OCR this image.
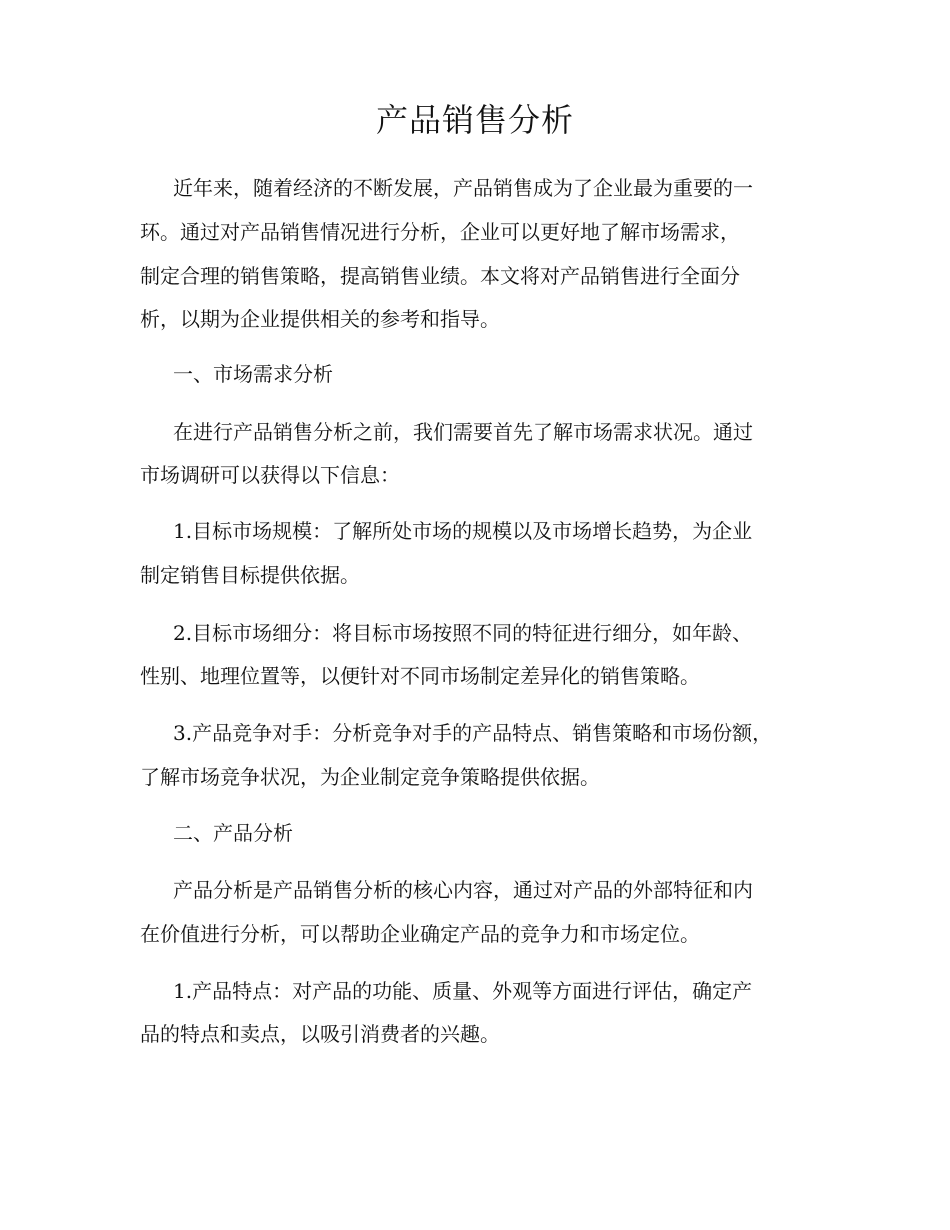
产品销售分析

近年来，随着经济的不断发展，产品销售成为了企业最为重要的一

环。通过对产品销售情况进行分析，企业可以更好地了解市场需求，

制定合理的销售策略，提高销售业绩。本文将对产品销售进行全面分

析，以期为企业提供相关的参考和指导。

一、市场需求分析

在进行产品销售分析之前，我们需要首先了解市场需求状况。通过

市场调研可以获得以下信息：

1.目标市场规模：了解所处市场的规模以及市场增长趋势，为企业

制定销售目标提供依据。

2.目标市场细分：将目标市场按照不同的特征进行细分，如年龄、

性别、地理位置等，以便针对不同市场制定差异化的销售策略。

3.产品竞争对手：分析竞争对手的产品特点、销售策略和市场份额，

了解市场竞争状况，为企业制定竞争策略提供依据。

二、产品分析

产品分析是产品销售分析的核心内容，通过对产品的外部特征和内

在价值进行分析，可以帮助企业确定产品的竞争力和市场定位。

1.产品特点：对产品的功能、质量、外观等方面进行评估，确定产

品的特点和卖点，以吸引消费者的兴趣。
